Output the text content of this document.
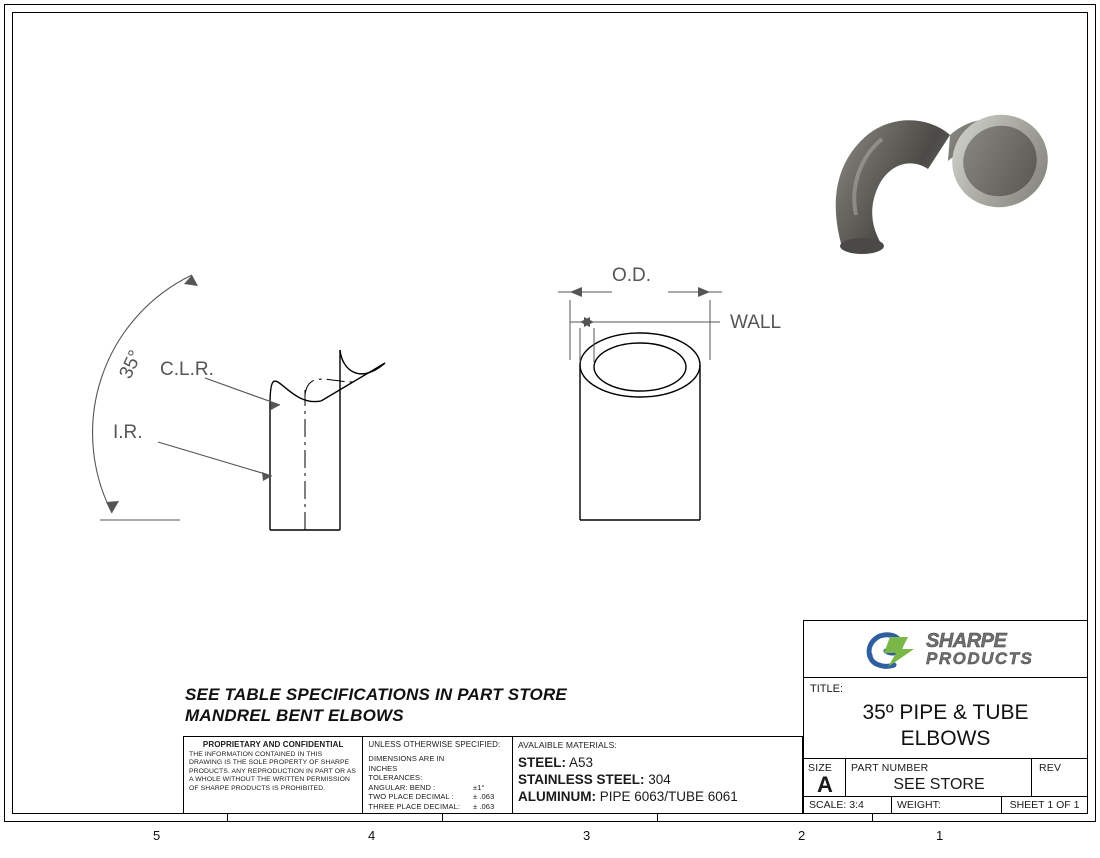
5	4	3	2	1
35° C.L.R.
I.R.
O.D.
WALL
SEE TABLE SPECIFICATIONS IN PART STORE
MANDREL BENT ELBOWS
PROPRIETARY AND CONFIDENTIAL
THE INFORMATION CONTAINED IN THIS DRAWING IS THE SOLE PROPERTY OF SHARPE PRODUCTS. ANY REPRODUCTION IN PART OR AS A WHOLE WITHOUT THE WRITTEN PERMISSION OF SHARPE PRODUCTS IS PROHIBITED.
UNLESS OTHERWISE SPECIFIED:
DIMENSIONS ARE IN INCHES
TOLERANCES:
ANGULAR: BEND :	±1°
TWO PLACE DECIMAL :	± .063
THREE PLACE DECIMAL:	± .063
AVALAIBLE MATERIALS:
STEEL: A53
STAINLESS STEEL: 304
ALUMINUM: PIPE 6063/TUBE 6061
SHARPE
PRODUCTS
TITLE:
35º PIPE & TUBE
ELBOWS
SIZE
A
PART NUMBER
SEE STORE
REV
SCALE: 3:4	WEIGHT:	SHEET 1 OF 1
